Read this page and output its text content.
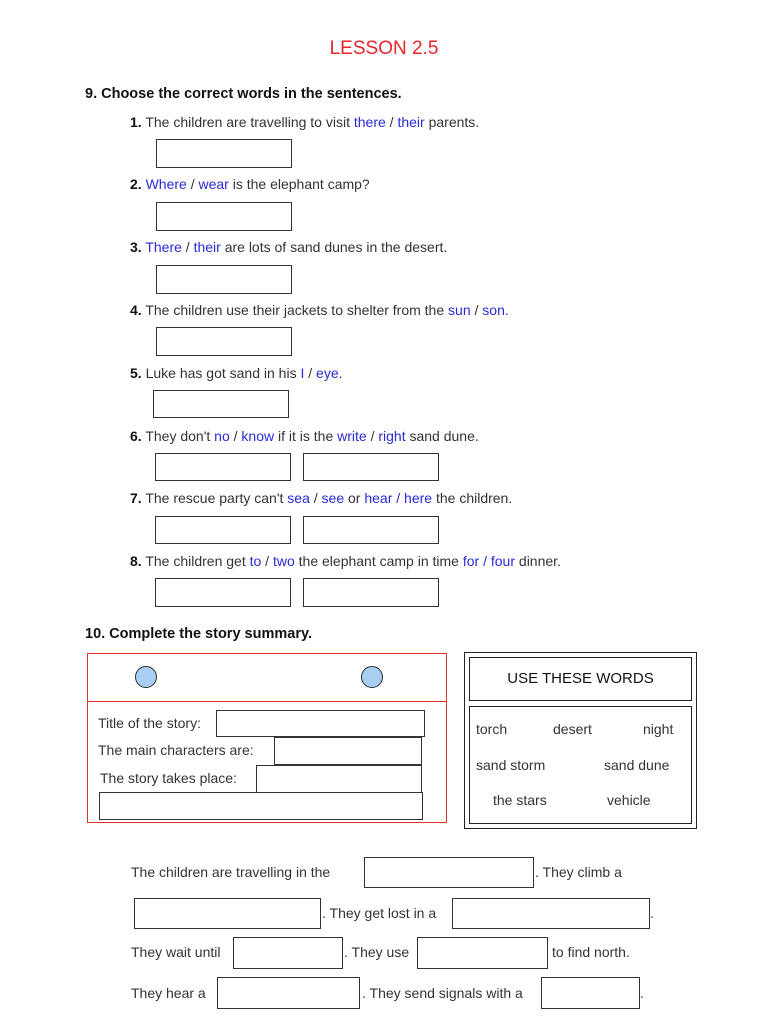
LESSON 2.5
9. Choose the correct words in the sentences.
1. The children are travelling to visit there / their parents.
2. Where / wear is the elephant camp?
3. There / their are lots of sand dunes in the desert.
4. The children use their jackets to shelter from the sun / son.
5. Luke has got sand in his I / eye.
6. They don't no / know if it is the write / right sand dune.
7. The rescue party can't sea / see or hear / here the children.
8. The children get to / two the elephant camp in time for / four dinner.
10. Complete the story summary.
Title of the story:
The main characters are:
The story takes place:
USE THESE WORDS
torch	desert	night
sand storm	sand dune
the stars	vehicle
The children are travelling in the	. They climb a
. They get lost in a	.
They wait until	. They use	to find north.
They hear a	. They send signals with a	.
